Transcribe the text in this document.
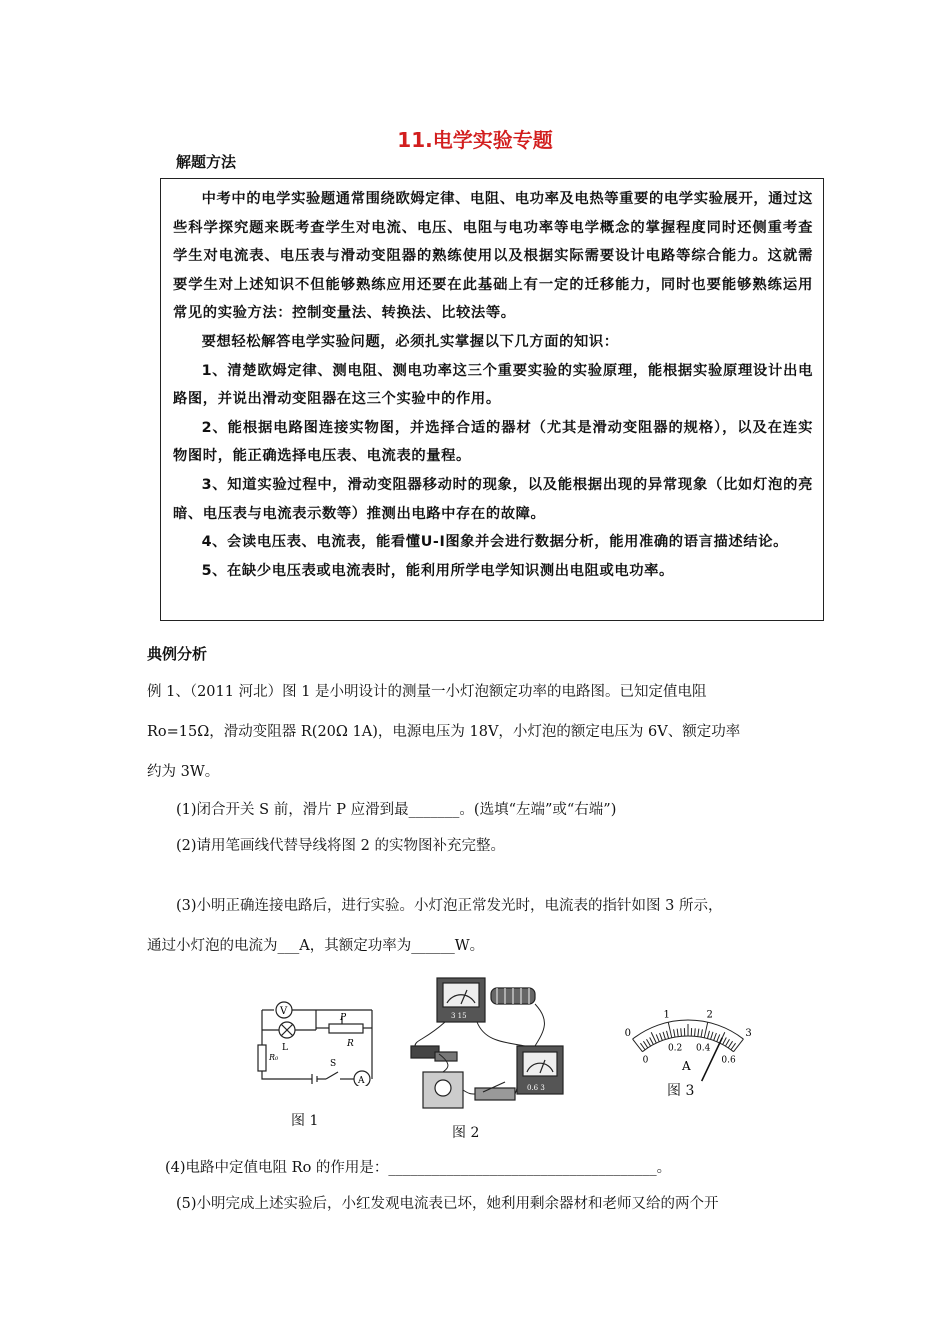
11.电学实验专题
解题方法

中考中的电学实验题通常围绕欧姆定律、电阻、电功率及电热等重要的电学实验展开，通过这些科学探究题来既考查学生对电流、电压、电阻与电功率等电学概念的掌握程度同时还侧重考查学生对电流表、电压表与滑动变阻器的熟练使用以及根据实际需要设计电路等综合能力。这就需要学生对上述知识不但能够熟练应用还要在此基础上有一定的迁移能力，同时也要能够熟练运用常见的实验方法：控制变量法、转换法、比较法等。

要想轻松解答电学实验问题，必须扎实掌握以下几方面的知识：

1、清楚欧姆定律、测电阻、测电功率这三个重要实验的实验原理，能根据实验原理设计出电路图，并说出滑动变阻器在这三个实验中的作用。

2、能根据电路图连接实物图，并选择合适的器材（尤其是滑动变阻器的规格），以及在连实物图时，能正确选择电压表、电流表的量程。

3、知道实验过程中，滑动变阻器移动时的现象，以及能根据出现的异常现象（比如灯泡的亮暗、电压表与电流表示数等）推测出电路中存在的故障。

4、会读电压表、电流表，能看懂U-I图象并会进行数据分析，能用准确的语言描述结论。

5、在缺少电压表或电流表时，能利用所学电学知识测出电阻或电功率。

典例分析
例 1、（2011 河北）图 1 是小明设计的测量一小灯泡额定功率的电路图。已知定值电阻
Ro=15Ω，滑动变阻器 R(20Ω 1A)，电源电压为 18V，小灯泡的额定电压为 6V、额定功率
约为 3W。
(1)闭合开关 S 前，滑片 P 应滑到最_______。(选填“左端”或“右端”)
(2)请用笔画线代替导线将图 2 的实物图补充完整。
(3)小明正确连接电路后，进行实验。小灯泡正常发光时，电流表的指针如图 3 所示，
通过小灯泡的电流为___A，其额定功率为______W。
V
L
P
R
R₀
S
A
图 1
3 15
0.6 3
图 2
0
1	2
3
0
0.2 0.4
0.6
A
图 3
(4)电路中定值电阻 Ro 的作用是：_____________________________________。
(5)小明完成上述实验后，小红发观电流表已坏，她利用剩余器材和老师又给的两个开
